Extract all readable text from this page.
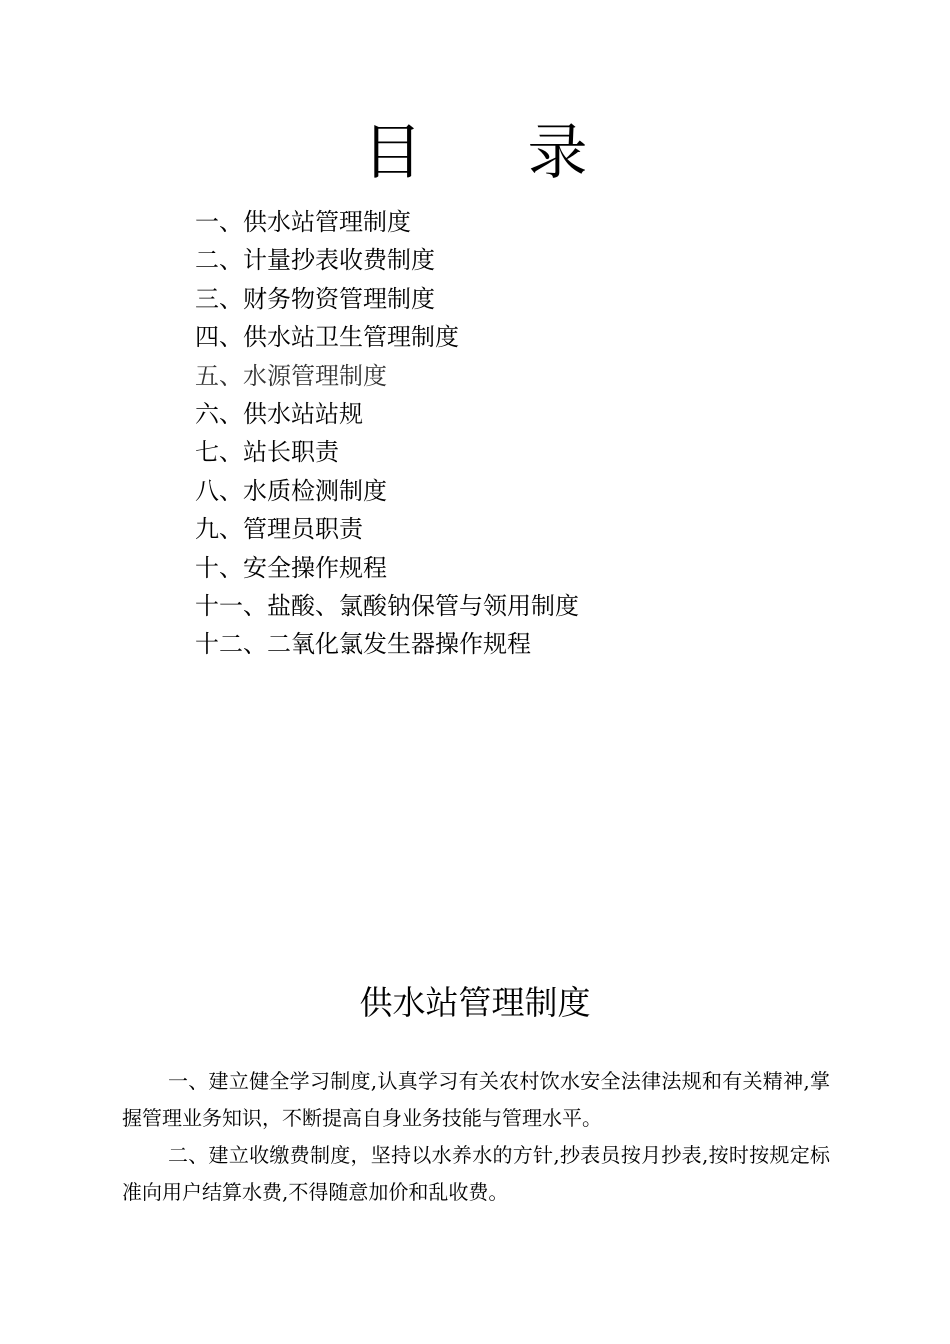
目 录
一、供水站管理制度
二、计量抄表收费制度
三、财务物资管理制度
四、供水站卫生管理制度
五、水源管理制度
六、供水站站规
七、站长职责
八、水质检测制度
九、管理员职责
十、安全操作规程
十一、盐酸、氯酸钠保管与领用制度
十二、二氧化氯发生器操作规程
供水站管理制度

一、建立健全学习制度,认真学习有关农村饮水安全法律法规和有关精神,掌握管理业务知识，不断提高自身业务技能与管理水平。

二、建立收缴费制度，坚持以水养水的方针,抄表员按月抄表,按时按规定标准向用户结算水费,不得随意加价和乱收费。
